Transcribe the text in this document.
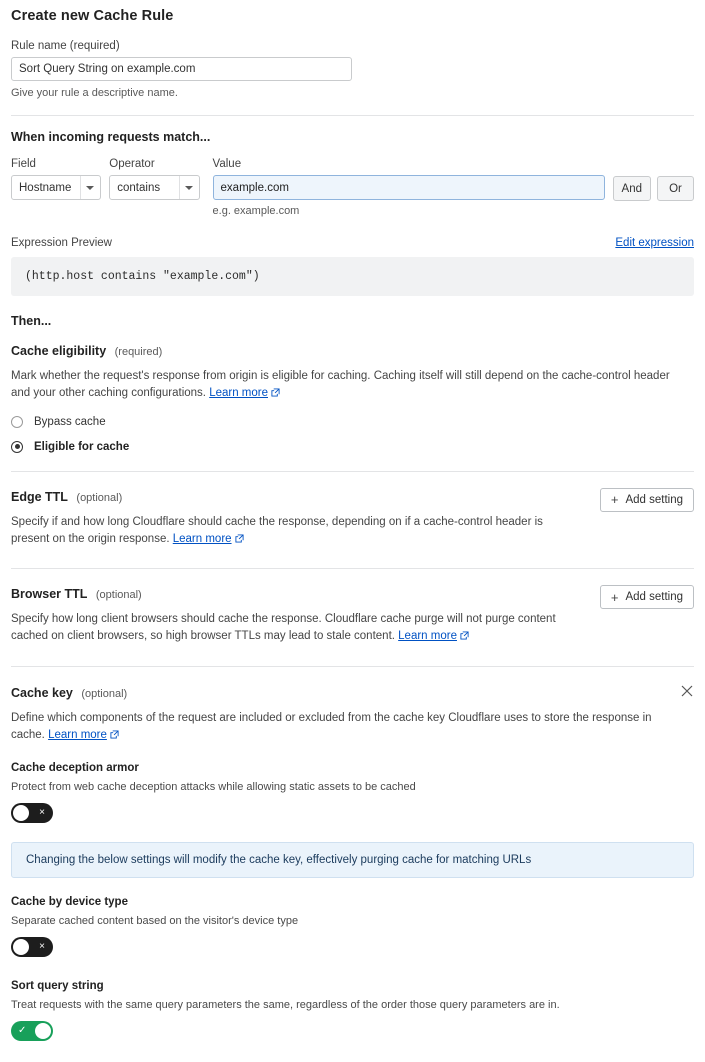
Create new Cache Rule
Rule name (required)
Sort Query String on example.com
Give your rule a descriptive name.
When incoming requests match...
Field
Hostname
Operator
contains
Value
example.com
e.g. example.com
And	Or
Expression Preview	Edit expression
(http.host contains "example.com")
Then...
Cache eligibility (required)
Mark whether the request's response from origin is eligible for caching. Caching itself will still depend on the cache-control header and your other caching configurations. Learn more
Bypass cache
Eligible for cache
Edge TTL (optional)
Specify if and how long Cloudflare should cache the response, depending on if a cache-control header is present on the origin response. Learn more
+ Add setting
Browser TTL (optional)
Specify how long client browsers should cache the response. Cloudflare cache purge will not purge content cached on client browsers, so high browser TTLs may lead to stale content. Learn more
+ Add setting
Cache key (optional)
Define which components of the request are included or excluded from the cache key Cloudflare uses to store the response in cache. Learn more
Cache deception armor
Protect from web cache deception attacks while allowing static assets to be cached
×
Changing the below settings will modify the cache key, effectively purging cache for matching URLs
Cache by device type
Separate cached content based on the visitor's device type
×
Sort query string
Treat requests with the same query parameters the same, regardless of the order those query parameters are in.
✓
